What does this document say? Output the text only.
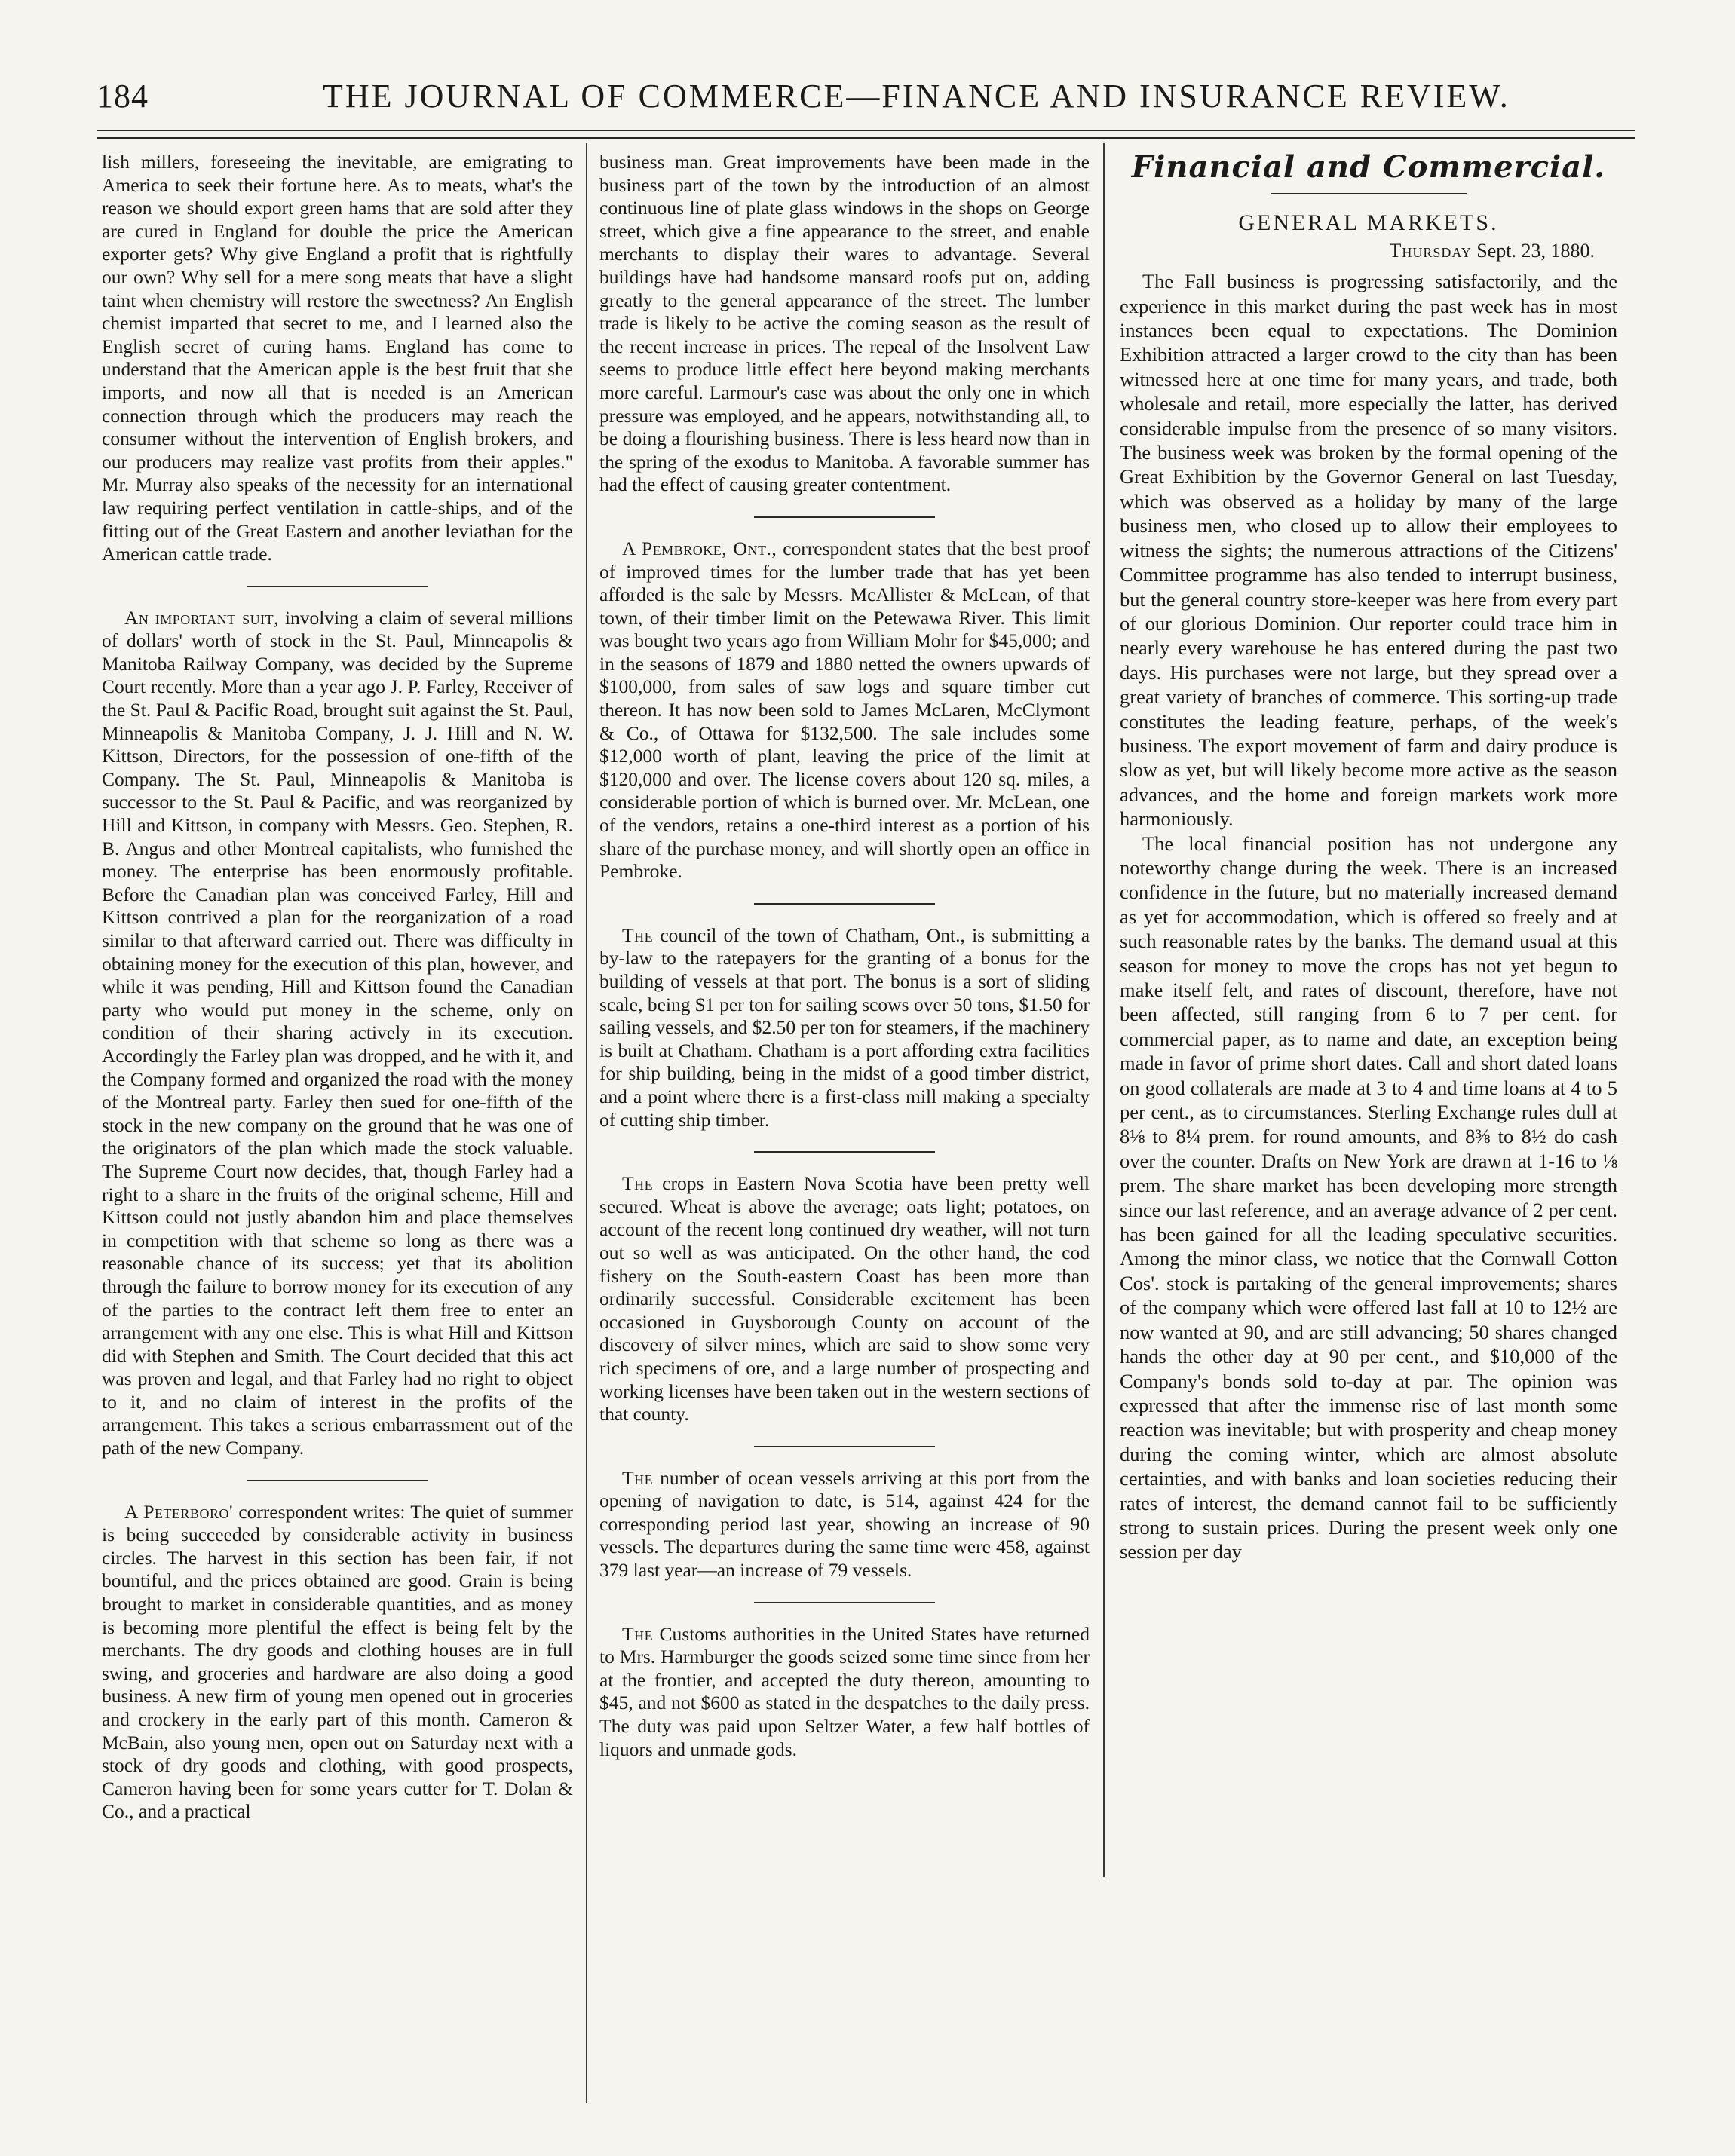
184	THE JOURNAL OF COMMERCE—FINANCE AND INSURANCE REVIEW.

lish millers, foreseeing the inevitable, are emigrating to America to seek their fortune here. As to meats, what's the reason we should export green hams that are sold after they are cured in England for double the price the American exporter gets? Why give England a profit that is rightfully our own? Why sell for a mere song meats that have a slight taint when chemistry will restore the sweetness? An English chemist imparted that secret to me, and I learned also the English secret of curing hams. England has come to understand that the American apple is the best fruit that she imports, and now all that is needed is an American connection through which the producers may reach the consumer without the intervention of English brokers, and our producers may realize vast profits from their apples." Mr. Murray also speaks of the necessity for an international law requiring perfect ventilation in cattle-ships, and of the fitting out of the Great Eastern and another leviathan for the American cattle trade.

An important suit, involving a claim of several millions of dollars' worth of stock in the St. Paul, Minneapolis & Manitoba Railway Company, was decided by the Supreme Court recently. More than a year ago J. P. Farley, Receiver of the St. Paul & Pacific Road, brought suit against the St. Paul, Minneapolis & Manitoba Company, J. J. Hill and N. W. Kittson, Directors, for the possession of one-fifth of the Company. The St. Paul, Minneapolis & Manitoba is successor to the St. Paul & Pacific, and was reorganized by Hill and Kittson, in company with Messrs. Geo. Stephen, R. B. Angus and other Montreal capitalists, who furnished the money. The enterprise has been enormously profitable. Before the Canadian plan was conceived Farley, Hill and Kittson contrived a plan for the reorganization of a road similar to that afterward carried out. There was difficulty in obtaining money for the execution of this plan, however, and while it was pending, Hill and Kittson found the Canadian party who would put money in the scheme, only on condition of their sharing actively in its execution. Accordingly the Farley plan was dropped, and he with it, and the Company formed and organized the road with the money of the Montreal party. Farley then sued for one-fifth of the stock in the new company on the ground that he was one of the originators of the plan which made the stock valuable. The Supreme Court now decides, that, though Farley had a right to a share in the fruits of the original scheme, Hill and Kittson could not justly abandon him and place themselves in competition with that scheme so long as there was a reasonable chance of its success; yet that its abolition through the failure to borrow money for its execution of any of the parties to the contract left them free to enter an arrangement with any one else. This is what Hill and Kittson did with Stephen and Smith. The Court decided that this act was proven and legal, and that Farley had no right to object to it, and no claim of interest in the profits of the arrangement. This takes a serious embarrassment out of the path of the new Company.

A Peterboro' correspondent writes: The quiet of summer is being succeeded by considerable activity in business circles. The harvest in this section has been fair, if not bountiful, and the prices obtained are good. Grain is being brought to market in considerable quantities, and as money is becoming more plentiful the effect is being felt by the merchants. The dry goods and clothing houses are in full swing, and groceries and hardware are also doing a good business. A new firm of young men opened out in groceries and crockery in the early part of this month. Cameron & McBain, also young men, open out on Saturday next with a stock of dry goods and clothing, with good prospects, Cameron having been for some years cutter for T. Dolan & Co., and a practical

business man. Great improvements have been made in the business part of the town by the introduction of an almost continuous line of plate glass windows in the shops on George street, which give a fine appearance to the street, and enable merchants to display their wares to advantage. Several buildings have had handsome mansard roofs put on, adding greatly to the general appearance of the street. The lumber trade is likely to be active the coming season as the result of the recent increase in prices. The repeal of the Insolvent Law seems to produce little effect here beyond making merchants more careful. Larmour's case was about the only one in which pressure was employed, and he appears, notwithstanding all, to be doing a flourishing business. There is less heard now than in the spring of the exodus to Manitoba. A favorable summer has had the effect of causing greater contentment.

A Pembroke, Ont., correspondent states that the best proof of improved times for the lumber trade that has yet been afforded is the sale by Messrs. McAllister & McLean, of that town, of their timber limit on the Petewawa River. This limit was bought two years ago from William Mohr for $45,000; and in the seasons of 1879 and 1880 netted the owners upwards of $100,000, from sales of saw logs and square timber cut thereon. It has now been sold to James McLaren, McClymont & Co., of Ottawa for $132,500. The sale includes some $12,000 worth of plant, leaving the price of the limit at $120,000 and over. The license covers about 120 sq. miles, a considerable portion of which is burned over. Mr. McLean, one of the vendors, retains a one-third interest as a portion of his share of the purchase money, and will shortly open an office in Pembroke.

The council of the town of Chatham, Ont., is submitting a by-law to the ratepayers for the granting of a bonus for the building of vessels at that port. The bonus is a sort of sliding scale, being $1 per ton for sailing scows over 50 tons, $1.50 for sailing vessels, and $2.50 per ton for steamers, if the machinery is built at Chatham. Chatham is a port affording extra facilities for ship building, being in the midst of a good timber district, and a point where there is a first-class mill making a specialty of cutting ship timber.

The crops in Eastern Nova Scotia have been pretty well secured. Wheat is above the average; oats light; potatoes, on account of the recent long continued dry weather, will not turn out so well as was anticipated. On the other hand, the cod fishery on the South-eastern Coast has been more than ordinarily successful. Considerable excitement has been occasioned in Guysborough County on account of the discovery of silver mines, which are said to show some very rich specimens of ore, and a large number of prospecting and working licenses have been taken out in the western sections of that county.

The number of ocean vessels arriving at this port from the opening of navigation to date, is 514, against 424 for the corresponding period last year, showing an increase of 90 vessels. The departures during the same time were 458, against 379 last year—an increase of 79 vessels.

The Customs authorities in the United States have returned to Mrs. Harmburger the goods seized some time since from her at the frontier, and accepted the duty thereon, amounting to $45, and not $600 as stated in the despatches to the daily press. The duty was paid upon Seltzer Water, a few half bottles of liquors and unmade gods.

Financial and Commercial.
GENERAL MARKETS.
Thursday Sept. 23, 1880.

The Fall business is progressing satisfactorily, and the experience in this market during the past week has in most instances been equal to expectations. The Dominion Exhibition attracted a larger crowd to the city than has been witnessed here at one time for many years, and trade, both wholesale and retail, more especially the latter, has derived considerable impulse from the presence of so many visitors. The business week was broken by the formal opening of the Great Exhibition by the Governor General on last Tuesday, which was observed as a holiday by many of the large business men, who closed up to allow their employees to witness the sights; the numerous attractions of the Citizens' Committee programme has also tended to interrupt business, but the general country store-keeper was here from every part of our glorious Dominion. Our reporter could trace him in nearly every warehouse he has entered during the past two days. His purchases were not large, but they spread over a great variety of branches of commerce. This sorting-up trade constitutes the leading feature, perhaps, of the week's business. The export movement of farm and dairy produce is slow as yet, but will likely become more active as the season advances, and the home and foreign markets work more harmoniously.

The local financial position has not undergone any noteworthy change during the week. There is an increased confidence in the future, but no materially increased demand as yet for accommodation, which is offered so freely and at such reasonable rates by the banks. The demand usual at this season for money to move the crops has not yet begun to make itself felt, and rates of discount, therefore, have not been affected, still ranging from 6 to 7 per cent. for commercial paper, as to name and date, an exception being made in favor of prime short dates. Call and short dated loans on good collaterals are made at 3 to 4 and time loans at 4 to 5 per cent., as to circumstances. Sterling Exchange rules dull at 8⅛ to 8¼ prem. for round amounts, and 8⅜ to 8½ do cash over the counter. Drafts on New York are drawn at 1-16 to ⅛ prem. The share market has been developing more strength since our last reference, and an average advance of 2 per cent. has been gained for all the leading speculative securities. Among the minor class, we notice that the Cornwall Cotton Cos'. stock is partaking of the general improvements; shares of the company which were offered last fall at 10 to 12½ are now wanted at 90, and are still advancing; 50 shares changed hands the other day at 90 per cent., and $10,000 of the Company's bonds sold to-day at par. The opinion was expressed that after the immense rise of last month some reaction was inevitable; but with prosperity and cheap money during the coming winter, which are almost absolute certainties, and with banks and loan societies reducing their rates of interest, the demand cannot fail to be sufficiently strong to sustain prices. During the present week only one session per day
